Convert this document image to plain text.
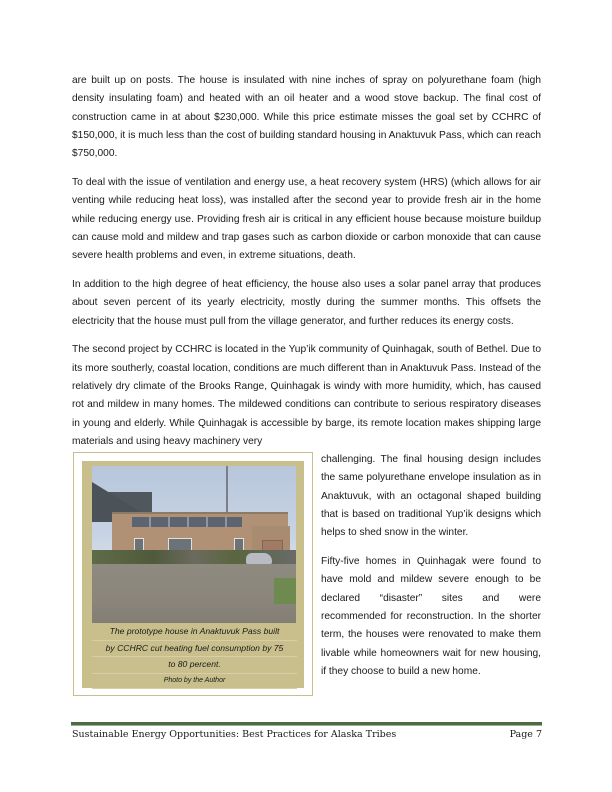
are built up on posts. The house is insulated with nine inches of spray on polyurethane foam (high density insulating foam) and heated with an oil heater and a wood stove backup. The final cost of construction came in at about $230,000. While this price estimate misses the goal set by CCHRC of $150,000, it is much less than the cost of building standard housing in Anaktuvuk Pass, which can reach $750,000.

To deal with the issue of ventilation and energy use, a heat recovery system (HRS) (which allows for air venting while reducing heat loss), was installed after the second year to provide fresh air in the home while reducing energy use. Providing fresh air is critical in any efficient house because moisture buildup can cause mold and mildew and trap gases such as carbon dioxide or carbon monoxide that can cause severe health problems and even, in extreme situations, death.

In addition to the high degree of heat efficiency, the house also uses a solar panel array that produces about seven percent of its yearly electricity, mostly during the summer months. This offsets the electricity that the house must pull from the village generator, and further reduces its energy costs.

The second project by CCHRC is located in the Yup’ik community of Quinhagak, south of Bethel. Due to its more southerly, coastal location, conditions are much different than in Anaktuvuk Pass. Instead of the relatively dry climate of the Brooks Range, Quinhagak is windy with more humidity, which, has caused rot and mildew in many homes. The mildewed conditions can contribute to serious respiratory diseases in young and elderly. While Quinhagak is accessible by barge, its remote location makes shipping large materials and using heavy machinery very

The prototype house in Anaktuvuk Pass built
by CCHRC cut heating fuel consumption by 75
to 80 percent.
Photo by the Author

challenging. The final housing design includes the same polyurethane envelope insulation as in Anaktuvuk, with an octagonal shaped building that is based on traditional Yup’ik designs which helps to shed snow in the winter.

Fifty-five homes in Quinhagak were found to have mold and mildew severe enough to be declared “disaster” sites and were recommended for reconstruction. In the shorter term, the houses were renovated to make them livable while homeowners wait for new housing, if they choose to build a new home.

Sustainable Energy Opportunities: Best Practices for Alaska Tribes	Page 7
